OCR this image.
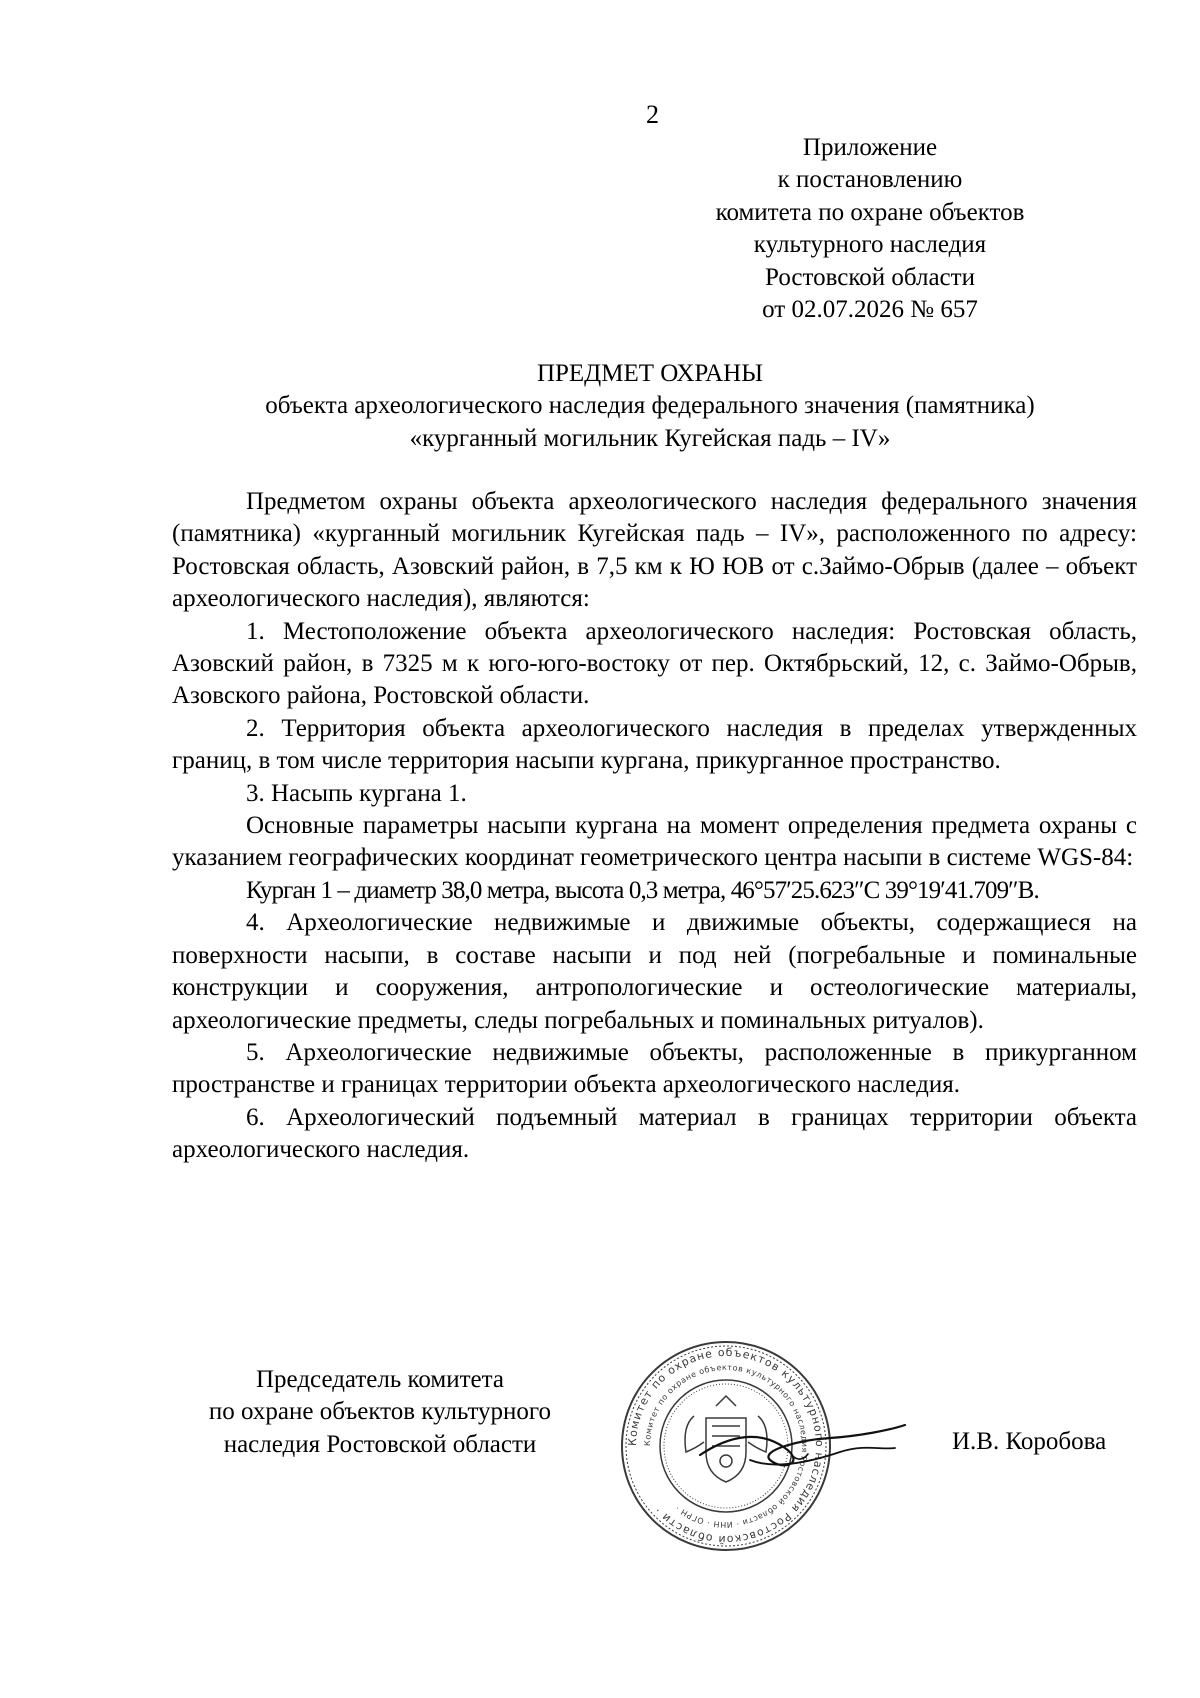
2
Приложение
к постановлению
комитета по охране объектов
культурного наследия
Ростовской области
от 02.07.2026 № 657
ПРЕДМЕТ ОХРАНЫ
объекта археологического наследия федерального значения (памятника)
«курганный могильник Кугейская падь – IV»

Предметом охраны объекта археологического наследия федерального значения (памятника) «курганный могильник Кугейская падь – IV», расположенного по адресу: Ростовская область, Азовский район, в 7,5 км к Ю ЮВ от с.Займо-Обрыв (далее – объект археологического наследия), являются:

1. Местоположение объекта археологического наследия: Ростовская область, Азовский район, в 7325 м к юго-юго-востоку от пер. Октябрьский, 12, с. Займо-Обрыв, Азовского района, Ростовской области.

2. Территория объекта археологического наследия в пределах утвержденных границ, в том числе территория насыпи кургана, прикурганное пространство.

3. Насыпь кургана 1.

Основные параметры насыпи кургана на момент определения предмета охраны с указанием географических координат геометрического центра насыпи в системе WGS-84:

Курган 1 – диаметр 38,0 метра, высота 0,3 метра, 46°57′25.623″С 39°19′41.709″В.

4. Археологические недвижимые и движимые объекты, содержащиеся на поверхности насыпи, в составе насыпи и под ней (погребальные и поминальные конструкции и сооружения, антропологические и остеологические материалы, археологические предметы, следы погребальных и поминальных ритуалов).

5. Археологические недвижимые объекты, расположенные в прикурганном пространстве и границах территории объекта археологического наследия.

6. Археологический подъемный материал в границах территории объекта археологического наследия.

Председатель комитета
по охране объектов культурного
наследия Ростовской области	Комитет по охране объектов культурного наследия Ростовской области ·
Комитет по охране объектов культурного наследия Ростовской области · ИНН · ОГРН ·
И.В. Коробова
